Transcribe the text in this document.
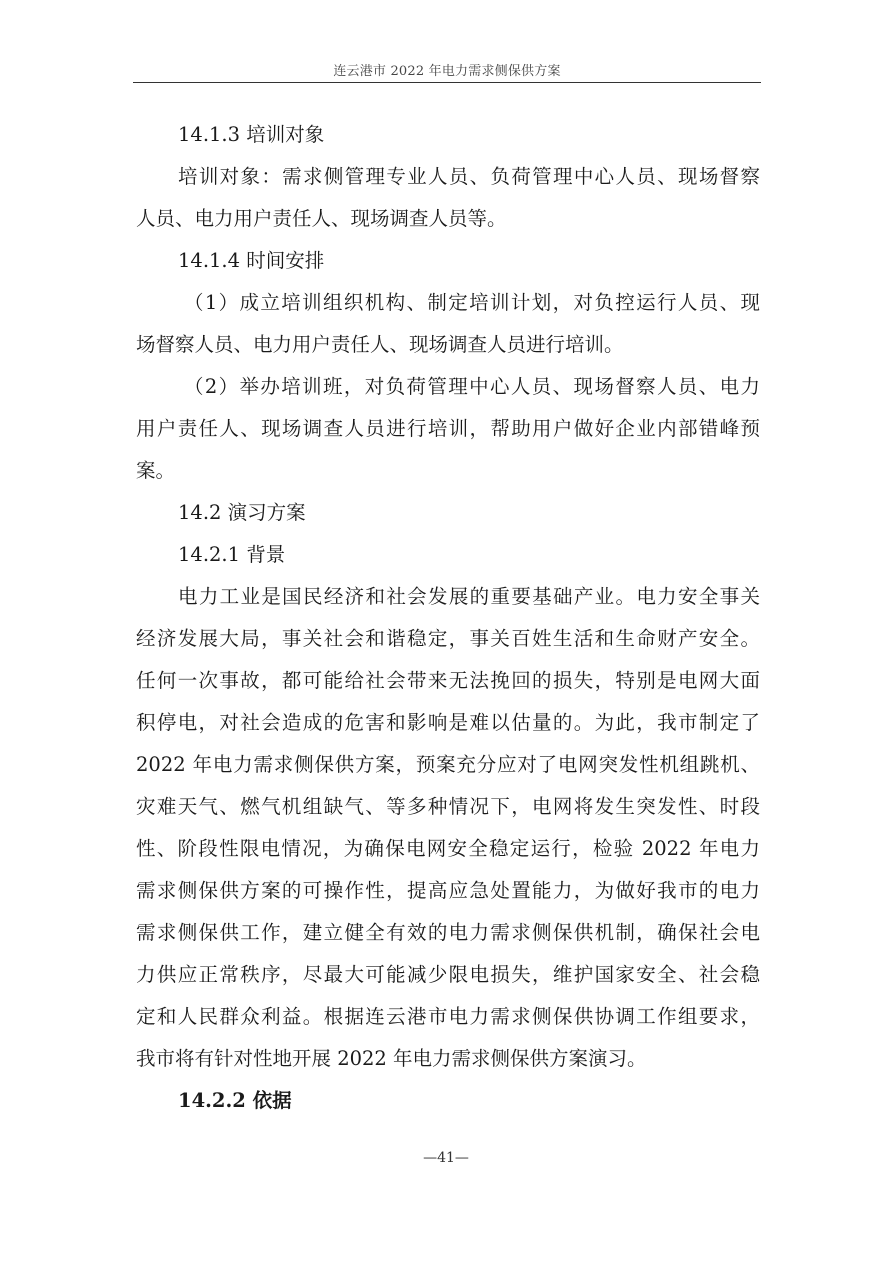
连云港市 2022 年电力需求侧保供方案
14.1.3 培训对象
培训对象：需求侧管理专业人员、负荷管理中心人员、现场督察
人员、电力用户责任人、现场调查人员等。
14.1.4 时间安排
（1）成立培训组织机构、制定培训计划，对负控运行人员、现
场督察人员、电力用户责任人、现场调查人员进行培训。
（2）举办培训班，对负荷管理中心人员、现场督察人员、电力
用户责任人、现场调查人员进行培训，帮助用户做好企业内部错峰预
案。
14.2 演习方案
14.2.1 背景
电力工业是国民经济和社会发展的重要基础产业。电力安全事关
经济发展大局，事关社会和谐稳定，事关百姓生活和生命财产安全。
任何一次事故，都可能给社会带来无法挽回的损失，特别是电网大面
积停电，对社会造成的危害和影响是难以估量的。为此，我市制定了
2022 年电力需求侧保供方案，预案充分应对了电网突发性机组跳机、
灾难天气、燃气机组缺气、等多种情况下，电网将发生突发性、时段
性、阶段性限电情况，为确保电网安全稳定运行，检验 2022 年电力
需求侧保供方案的可操作性，提高应急处置能力，为做好我市的电力
需求侧保供工作，建立健全有效的电力需求侧保供机制，确保社会电
力供应正常秩序，尽最大可能减少限电损失，维护国家安全、社会稳
定和人民群众利益。根据连云港市电力需求侧保供协调工作组要求，
我市将有针对性地开展 2022 年电力需求侧保供方案演习。
14.2.2 依据
—41—
